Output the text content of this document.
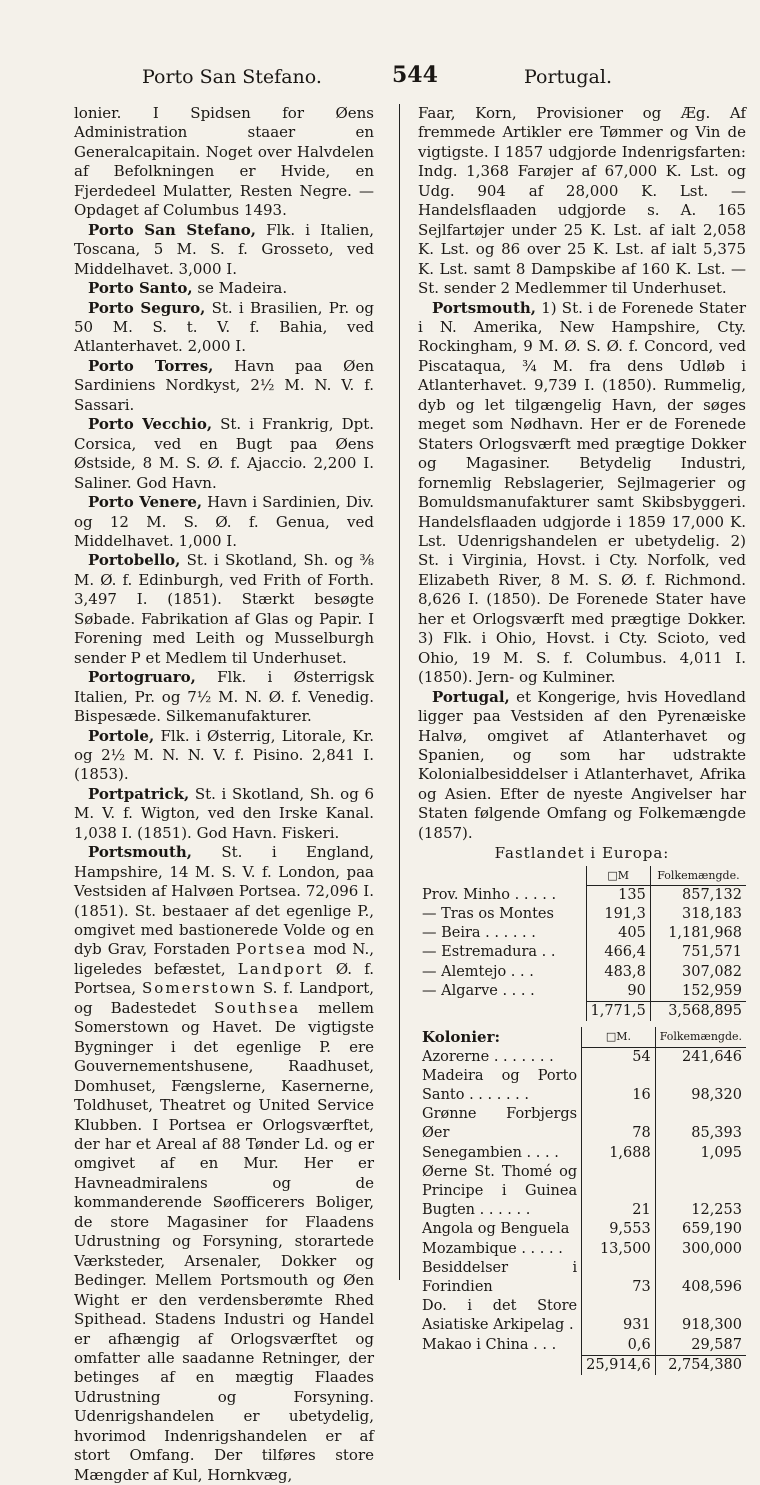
Porto San Stefano.	544	Portugal.

lonier. I Spidsen for Øens Administration staaer en Generalcapitain. Noget over Halvdelen af Befolkningen er Hvide, en Fjerdedeel Mulatter, Resten Negre. — Opdaget af Columbus 1493.

Porto San Stefano, Flk. i Italien, Toscana, 5 M. S. f. Grosseto, ved Middelhavet. 3,000 I.

Porto Santo, se Madeira.

Porto Seguro, St. i Brasilien, Pr. og 50 M. S. t. V. f. Bahia, ved Atlanterhavet. 2,000 I.

Porto Torres, Havn paa Øen Sardiniens Nordkyst, 2½ M. N. V. f. Sassari.

Porto Vecchio, St. i Frankrig, Dpt. Corsica, ved en Bugt paa Øens Østside, 8 M. S. Ø. f. Ajaccio. 2,200 I. Saliner. God Havn.

Porto Venere, Havn i Sardinien, Div. og 12 M. S. Ø. f. Genua, ved Middelhavet. 1,000 I.

Portobello, St. i Skotland, Sh. og ⅜ M. Ø. f. Edinburgh, ved Frith of Forth. 3,497 I. (1851). Stærkt besøgte Søbade. Fabrikation af Glas og Papir. I Forening med Leith og Musselburgh sender P et Medlem til Underhuset.

Portogruaro, Flk. i Østerrigsk Italien, Pr. og 7½ M. N. Ø. f. Venedig. Bispesæde. Silkemanufakturer.

Portole, Flk. i Østerrig, Litorale, Kr. og 2½ M. N. N. V. f. Pisino. 2,841 I. (1853).

Portpatrick, St. i Skotland, Sh. og 6 M. V. f. Wigton, ved den Irske Kanal. 1,038 I. (1851). God Havn. Fiskeri.

Portsmouth, St. i England, Hampshire, 14 M. S. V. f. London, paa Vestsiden af Halvøen Portsea. 72,096 I. (1851). St. bestaaer af det egenlige P., omgivet med bastionerede Volde og en dyb Grav, Forstaden Portsea mod N., ligeledes befæstet, Landport Ø. f. Portsea, Somerstown S. f. Landport, og Badestedet Southsea mellem Somerstown og Havet. De vigtigste Bygninger i det egenlige P. ere Gouvernementshusene, Raadhuset, Domhuset, Fængslerne, Kasernerne, Toldhuset, Theatret og United Service Klubben. I Portsea er Orlogsværftet, der har et Areal af 88 Tønder Ld. og er omgivet af en Mur. Her er Havneadmiralens og de kommanderende Søofficerers Boliger, de store Magasiner for Flaadens Udrustning og Forsyning, storartede Værksteder, Arsenaler, Dokker og Bedinger. Mellem Portsmouth og Øen Wight er den verdensberømte Rhed Spithead. Stadens Industri og Handel er afhængig af Orlogsværftet og omfatter alle saadanne Retninger, der betinges af en mægtig Flaades Udrustning og Forsyning. Udenrigshandelen er ubetydelig, hvorimod Indenrigshandelen er af stort Omfang. Der tilføres store Mængder af Kul, Hornkvæg,

Faar, Korn, Provisioner og Æg. Af fremmede Artikler ere Tømmer og Vin de vigtigste. I 1857 udgjorde Indenrigsfarten: Indg. 1,368 Farøjer af 67,000 K. Lst. og Udg. 904 af 28,000 K. Lst. — Handelsflaaden udgjorde s. A. 165 Sejlfartøjer under 25 K. Lst. af ialt 2,058 K. Lst. og 86 over 25 K. Lst. af ialt 5,375 K. Lst. samt 8 Dampskibe af 160 K. Lst. — St. sender 2 Medlemmer til Underhuset.

Portsmouth, 1) St. i de Forenede Stater i N. Amerika, New Hampshire, Cty. Rockingham, 9 M. Ø. S. Ø. f. Concord, ved Piscataqua, ¾ M. fra dens Udløb i Atlanterhavet. 9,739 I. (1850). Rummelig, dyb og let tilgængelig Havn, der søges meget som Nødhavn. Her er de Forenede Staters Orlogsværft med prægtige Dokker og Magasiner. Betydelig Industri, fornemlig Rebslagerier, Sejlmagerier og Bomuldsmanufakturer samt Skibsbyggeri. Handelsflaaden udgjorde i 1859 17,000 K. Lst. Udenrigshandelen er ubetydelig. 2) St. i Virginia, Hovst. i Cty. Norfolk, ved Elizabeth River, 8 M. S. Ø. f. Richmond. 8,626 I. (1850). De Forenede Stater have her et Orlogsværft med prægtige Dokker. 3) Flk. i Ohio, Hovst. i Cty. Scioto, ved Ohio, 19 M. S. f. Columbus. 4,011 I. (1850). Jern- og Kulminer.

Portugal, et Kongerige, hvis Hovedland ligger paa Vestsiden af den Pyrenæiske Halvø, omgivet af Atlanterhavet og Spanien, og som har udstrakte Kolonialbesiddelser i Atlanterhavet, Afrika og Asien. Efter de nyeste Angivelser har Staten følgende Omfang og Folkemængde (1857).

Fastlandet i Europa:
	□M	Folkemængde.
Prov. Minho . . . . .	135	857,132
— Tras os Montes	191,3	318,183
— Beira . . . . . .	405	1,181,968
— Estremadura . .	466,4	751,571
— Alemtejo . . .	483,8	307,082
— Algarve . . . .	90	152,959
	1,771,5	3,568,895
Kolonier:	□M.	Folkemængde.
Azorerne . . . . . . .	54	241,646
Madeira og Porto Santo . . . . . . .	16	98,320
Grønne Forbjergs Øer	78	85,393
Senegambien . . . .	1,688	1,095
Øerne St. Thomé og Principe i Guinea Bugten . . . . . .	21	12,253
Angola og Benguela	9,553	659,190
Mozambique . . . . .	13,500	300,000
Besiddelser i Forindien	73	408,596
Do. i det Store Asiatiske Arkipelag .	931	918,300
Makao i China . . .	0,6	29,587
	25,914,6	2,754,380
